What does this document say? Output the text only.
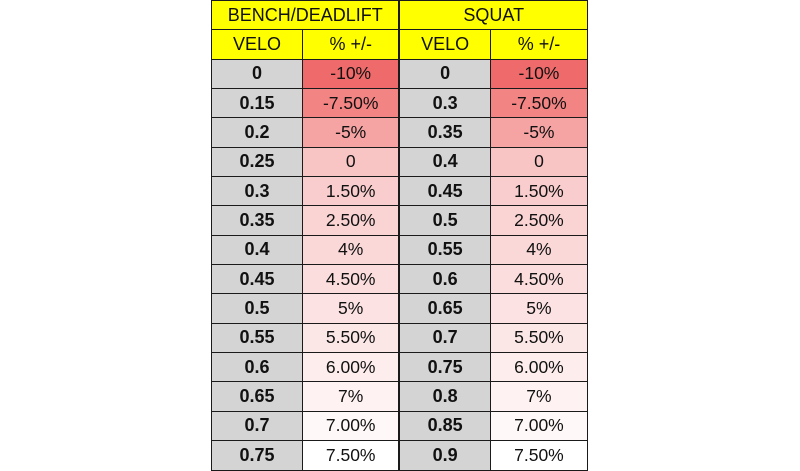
BENCH/DEADLIFT		SQUAT	
VELO	% +/-	VELO	% +/-
0	-10%	0	-10%
0.15	-7.50%	0.3	-7.50%
0.2	-5%	0.35	-5%
0.25	0	0.4	0
0.3	1.50%	0.45	1.50%
0.35	2.50%	0.5	2.50%
0.4	4%	0.55	4%
0.45	4.50%	0.6	4.50%
0.5	5%	0.65	5%
0.55	5.50%	0.7	5.50%
0.6	6.00%	0.75	6.00%
0.65	7%	0.8	7%
0.7	7.00%	0.85	7.00%
0.75	7.50%	0.9	7.50%
